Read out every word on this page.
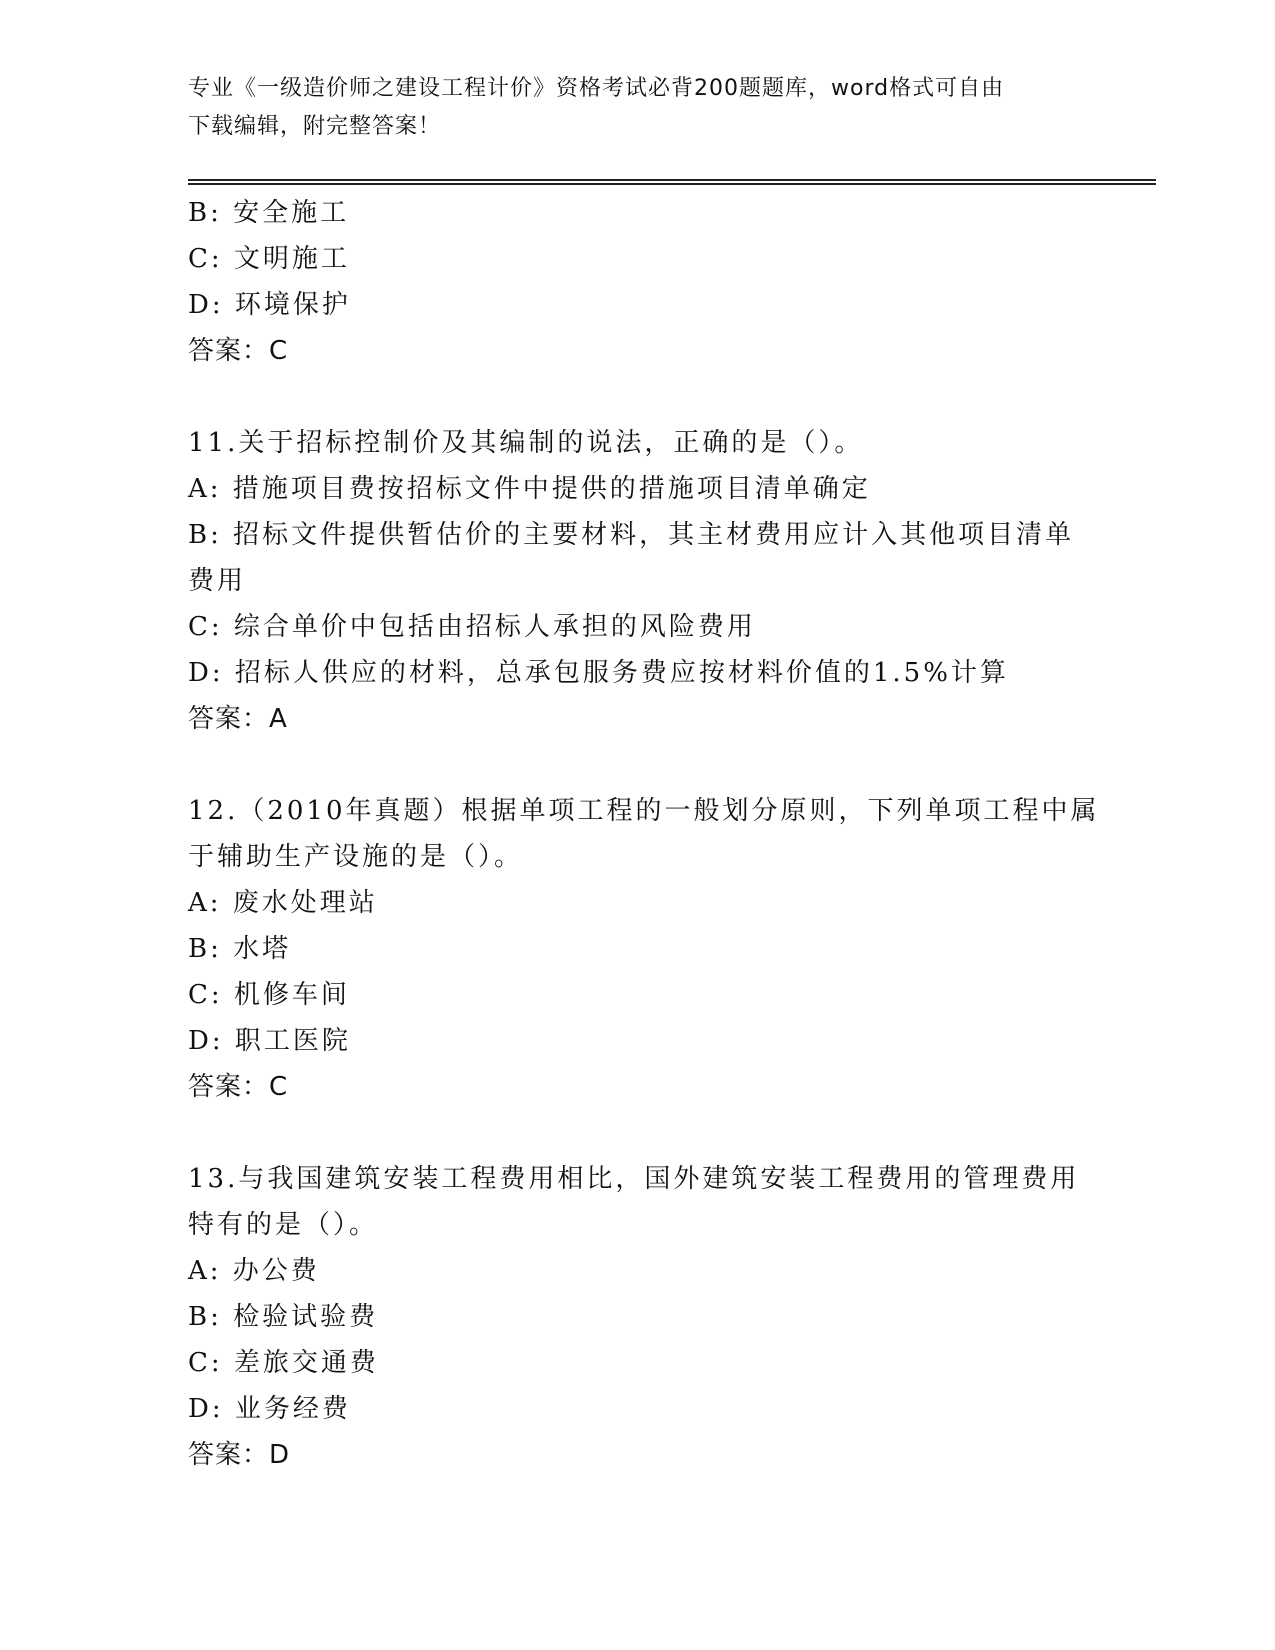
专业《一级造价师之建设工程计价》资格考试必背200题题库，word格式可自由
下载编辑，附完整答案！
B: 安全施工
C: 文明施工
D: 环境保护
答案：C
11.关于招标控制价及其编制的说法，正确的是（）。
A: 措施项目费按招标文件中提供的措施项目清单确定
B: 招标文件提供暂估价的主要材料，其主材费用应计入其他项目清单
费用
C: 综合单价中包括由招标人承担的风险费用
D: 招标人供应的材料，总承包服务费应按材料价值的1.5%计算
答案：A
12.（2010年真题）根据单项工程的一般划分原则，下列单项工程中属
于辅助生产设施的是（）。
A: 废水处理站
B: 水塔
C: 机修车间
D: 职工医院
答案：C
13.与我国建筑安装工程费用相比，国外建筑安装工程费用的管理费用
特有的是（）。
A: 办公费
B: 检验试验费
C: 差旅交通费
D: 业务经费
答案：D
